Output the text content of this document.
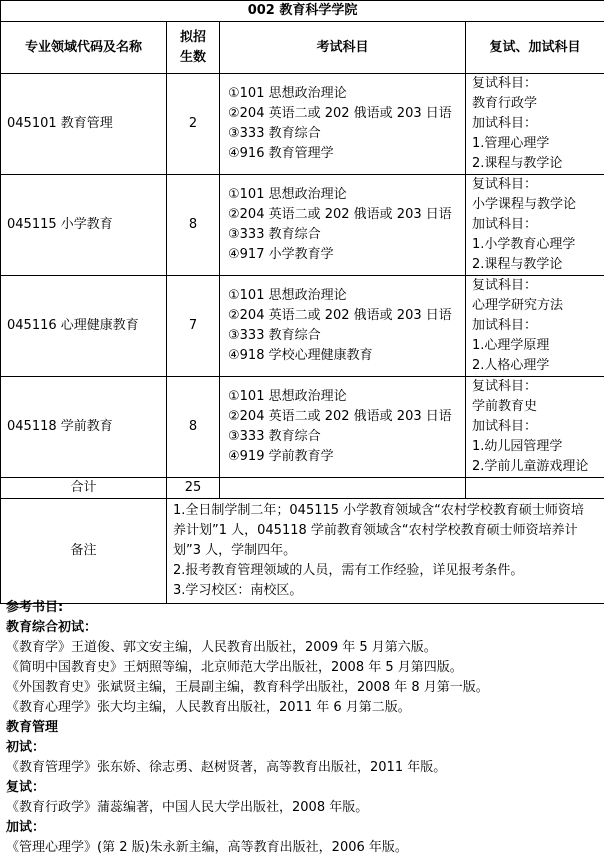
002 教育科学学院			
专业领域代码及名称	拟招
生数	考试科目	复试、加试科目
045101 教育管理	2	①101 思想政治理论
②204 英语二或 202 俄语或 203 日语
③333 教育综合
④916 教育管理学	复试科目：
教育行政学
加试科目：
1.管理心理学
2.课程与教学论

045115 小学教育	8	①101 思想政治理论
②204 英语二或 202 俄语或 203 日语
③333 教育综合
④917 小学教育学	复试科目：
小学课程与教学论
加试科目：
1.小学教育心理学
2.课程与教学论

045116 心理健康教育	7	①101 思想政治理论
②204 英语二或 202 俄语或 203 日语
③333 教育综合
④918 学校心理健康教育	复试科目：
心理学研究方法
加试科目：
1.心理学原理
2.人格心理学

045118 学前教育	8	①101 思想政治理论
②204 英语二或 202 俄语或 203 日语
③333 教育综合
④919 学前教育学	复试科目：
学前教育史
加试科目：
1.幼儿园管理学
2.学前儿童游戏理论

合计	25		
备注	1.全日制学制二年；045115 小学教育领域含“农村学校教育硕士师资培
养计划”1 人，045118 学前教育领域含“农村学校教育硕士师资培养计
划”3 人，学制四年。
2.报考教育管理领域的人员，需有工作经验，详见报考条件。
3.学习校区：南校区。		
参考书目:
教育综合初试：
《教育学》王道俊、郭文安主编，人民教育出版社，2009 年 5 月第六版。
《简明中国教育史》王炳照等编，北京师范大学出版社，2008 年 5 月第四版。
《外国教育史》张斌贤主编，王晨副主编，教育科学出版社，2008 年 8 月第一版。
《教育心理学》张大均主编，人民教育出版社，2011 年 6 月第二版。
教育管理
初试：
《教育管理学》张东娇、徐志勇、赵树贤著，高等教育出版社，2011 年版。
复试：
《教育行政学》蒲蕊编著，中国人民大学出版社，2008 年版。
加试：
《管理心理学》(第 2 版)朱永新主编，高等教育出版社，2006 年版。
